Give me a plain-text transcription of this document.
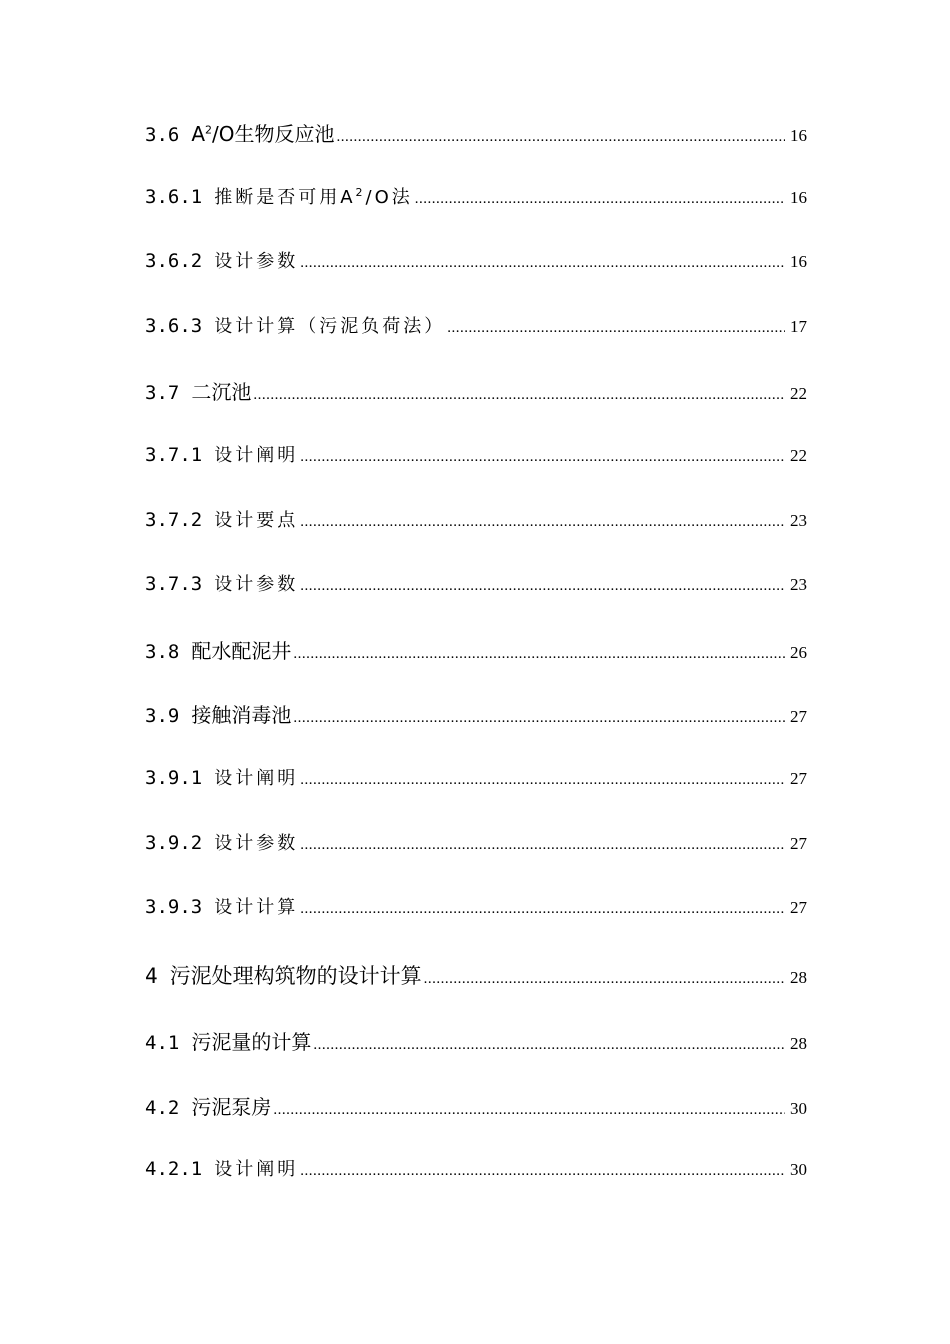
3.6 $A^2/O$生物反应池 .....	16
3.6.1 推断是否可用$A^2/O$法 .....	16
3.6.2 设计参数 .....	16
3.6.3 设计计算（污泥负荷法） .....	17
3.7 二沉池 .....	22
3.7.1 设计阐明 .....	22
3.7.2 设计要点 .....	23
3.7.3 设计参数 .....	23
3.8 配水配泥井 .....	26
3.9 接触消毒池 .....	27
3.9.1 设计阐明 .....	27
3.9.2 设计参数 .....	27
3.9.3 设计计算 .....	27
4 污泥处理构筑物的设计计算 .....	28
4.1 污泥量的计算 .....	28
4.2 污泥泵房 .....	30
4.2.1 设计阐明 .....	30
